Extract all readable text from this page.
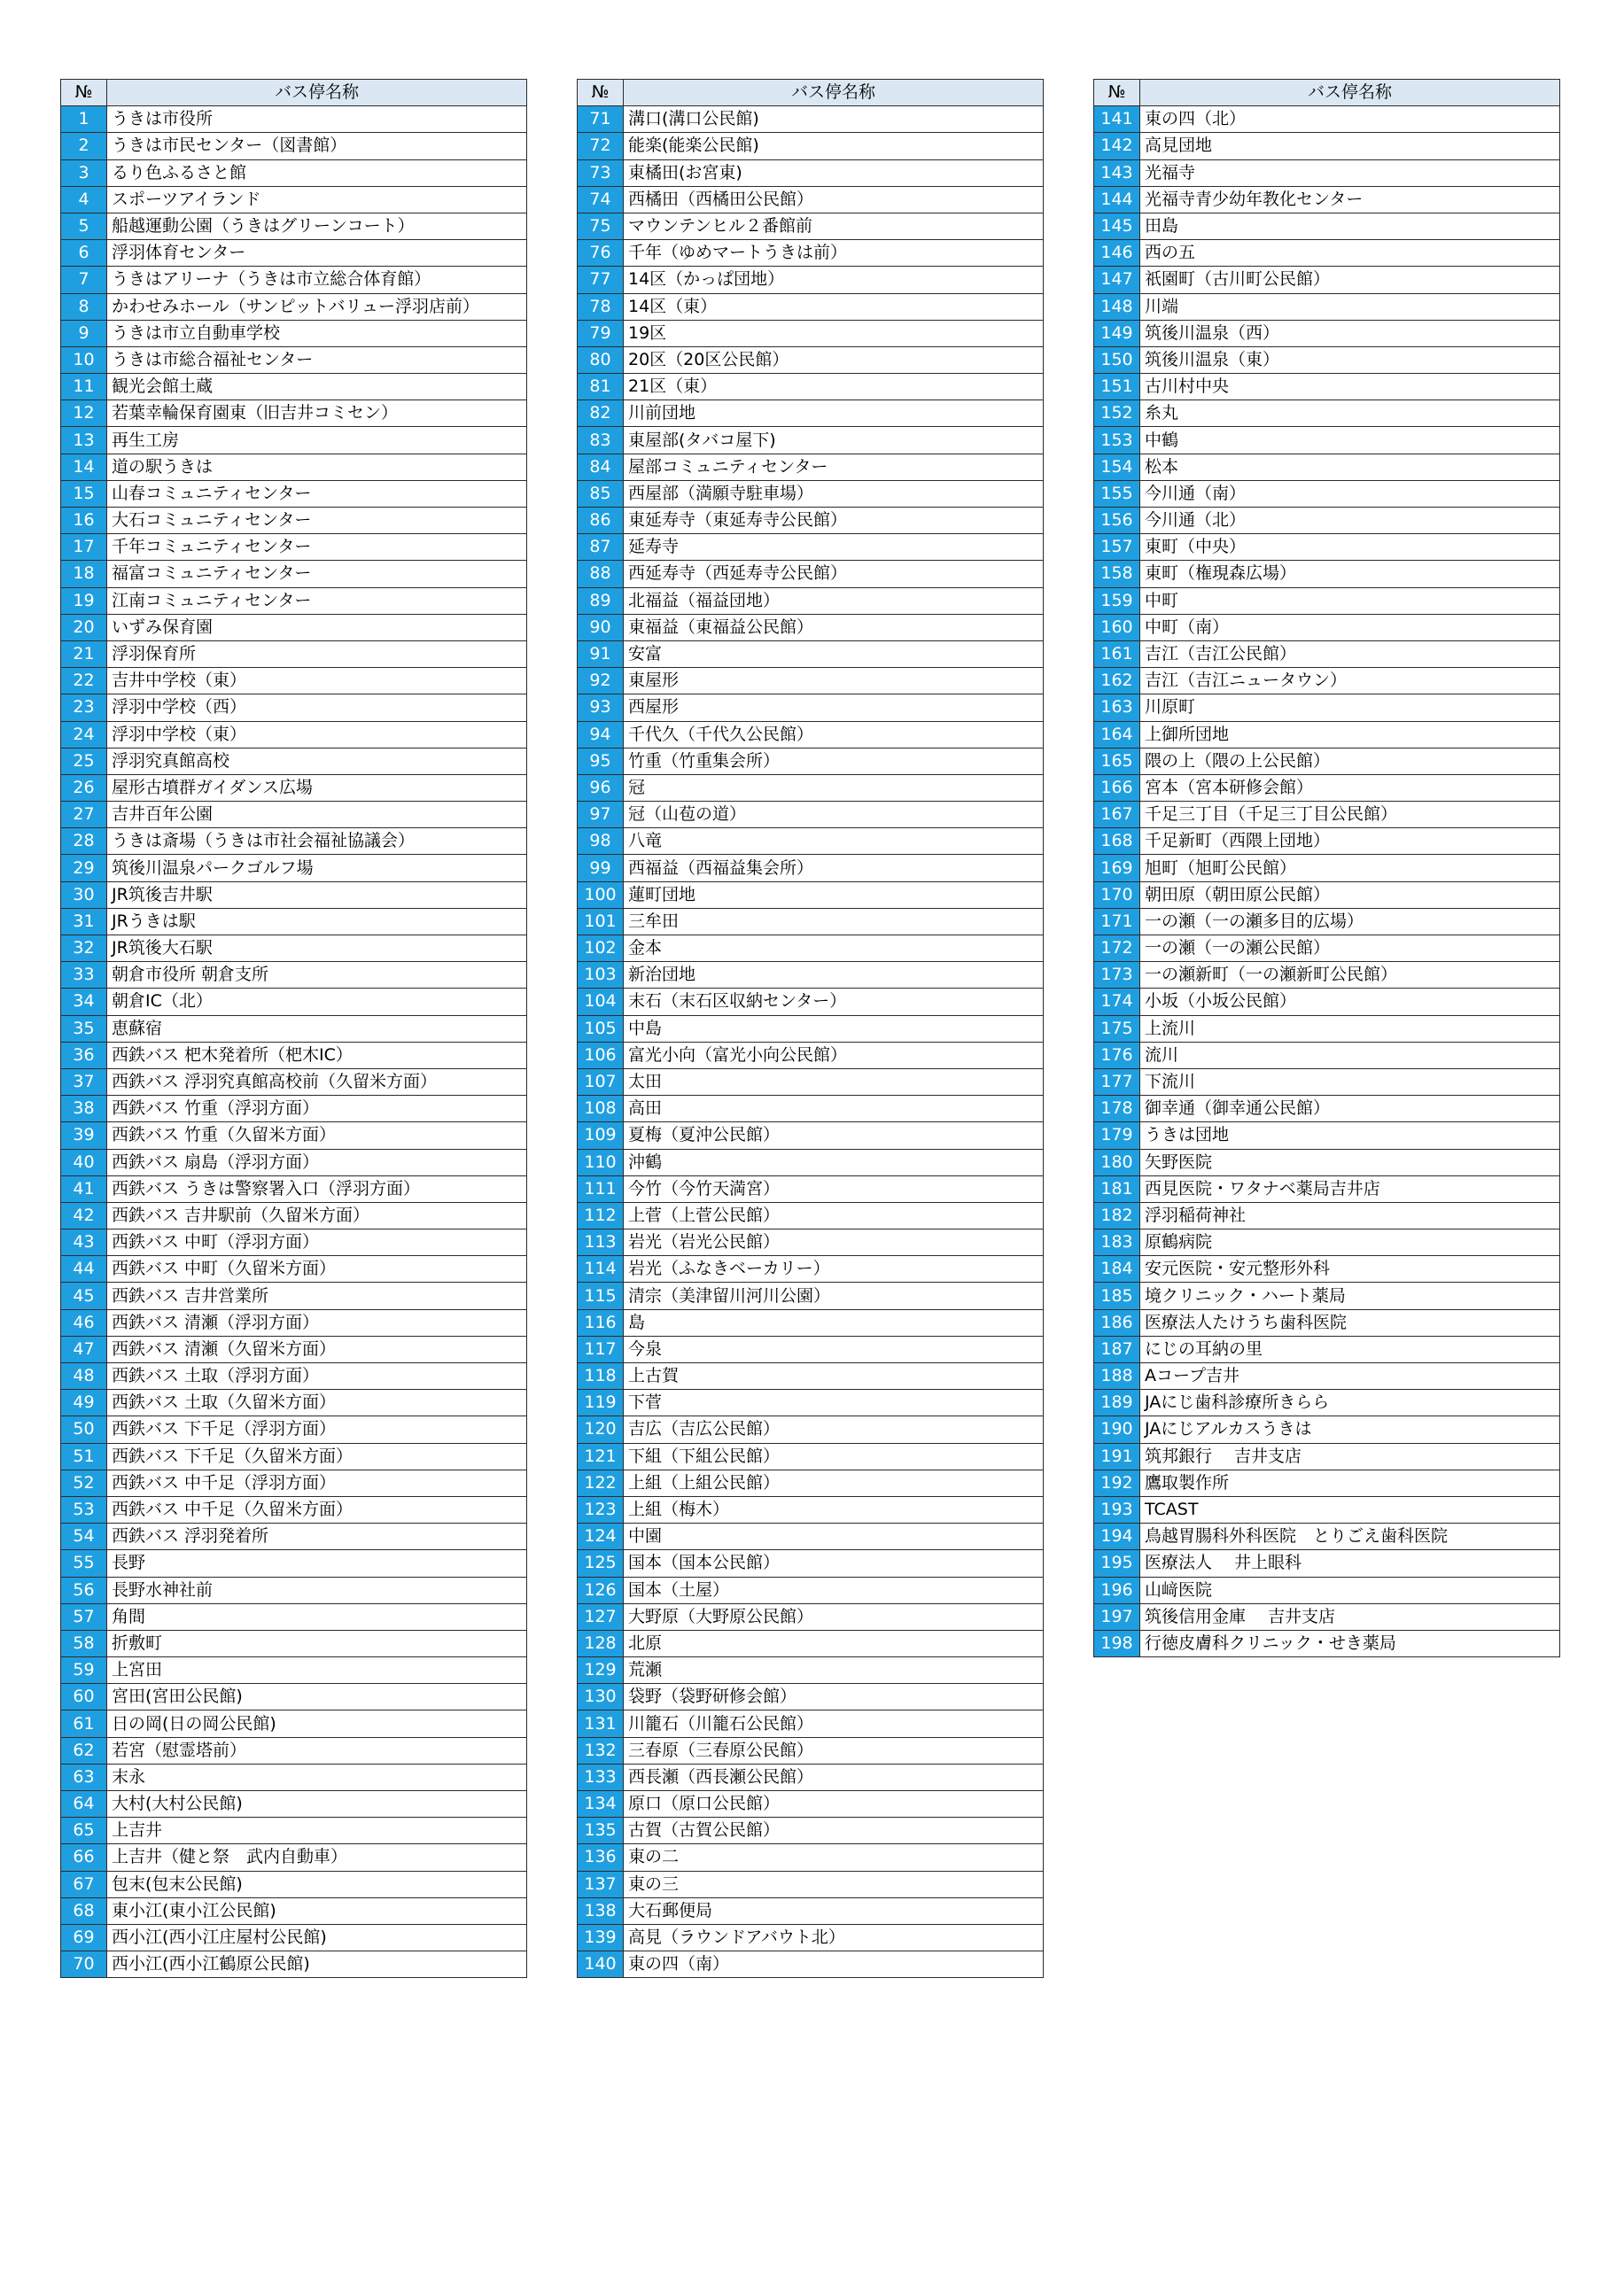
№	バス停名称
1	うきは市役所
2	うきは市民センター（図書館）
3	るり色ふるさと館
4	スポーツアイランド
5	船越運動公園（うきはグリーンコート）
6	浮羽体育センター
7	うきはアリーナ（うきは市立総合体育館）
8	かわせみホール（サンピットバリュー浮羽店前）
9	うきは市立自動車学校
10	うきは市総合福祉センター
11	観光会館土蔵
12	若葉幸輪保育園東（旧吉井コミセン）
13	再生工房
14	道の駅うきは
15	山春コミュニティセンター
16	大石コミュニティセンター
17	千年コミュニティセンター
18	福富コミュニティセンター
19	江南コミュニティセンター
20	いずみ保育園
21	浮羽保育所
22	吉井中学校（東）
23	浮羽中学校（西）
24	浮羽中学校（東）
25	浮羽究真館高校
26	屋形古墳群ガイダンス広場
27	吉井百年公園
28	うきは斎場（うきは市社会福祉協議会）
29	筑後川温泉パークゴルフ場
30	JR筑後吉井駅
31	JRうきは駅
32	JR筑後大石駅
33	朝倉市役所 朝倉支所
34	朝倉IC（北）
35	恵蘇宿
36	西鉄バス 杷木発着所（杷木IC）
37	西鉄バス 浮羽究真館高校前（久留米方面）
38	西鉄バス 竹重（浮羽方面）
39	西鉄バス 竹重（久留米方面）
40	西鉄バス 扇島（浮羽方面）
41	西鉄バス うきは警察署入口（浮羽方面）
42	西鉄バス 吉井駅前（久留米方面）
43	西鉄バス 中町（浮羽方面）
44	西鉄バス 中町（久留米方面）
45	西鉄バス 吉井営業所
46	西鉄バス 清瀬（浮羽方面）
47	西鉄バス 清瀬（久留米方面）
48	西鉄バス 土取（浮羽方面）
49	西鉄バス 土取（久留米方面）
50	西鉄バス 下千足（浮羽方面）
51	西鉄バス 下千足（久留米方面）
52	西鉄バス 中千足（浮羽方面）
53	西鉄バス 中千足（久留米方面）
54	西鉄バス 浮羽発着所
55	長野
56	長野水神社前
57	角間
58	折敷町
59	上宮田
60	宮田(宮田公民館)
61	日の岡(日の岡公民館)
62	若宮（慰霊塔前）
63	末永
64	大村(大村公民館)
65	上吉井
66	上吉井（健と祭　武内自動車）
67	包末(包末公民館)
68	東小江(東小江公民館)
69	西小江(西小江庄屋村公民館)
70	西小江(西小江鶴原公民館)
№	バス停名称
71	溝口(溝口公民館)
72	能楽(能楽公民館)
73	東橘田(お宮東)
74	西橘田（西橘田公民館）
75	マウンテンヒル２番館前
76	千年（ゆめマートうきは前）
77	14区（かっぱ団地）
78	14区（東）
79	19区
80	20区（20区公民館）
81	21区（東）
82	川前団地
83	東屋部(タバコ屋下)
84	屋部コミュニティセンター
85	西屋部（満願寺駐車場）
86	東延寿寺（東延寿寺公民館）
87	延寿寺
88	西延寿寺（西延寿寺公民館）
89	北福益（福益団地）
90	東福益（東福益公民館）
91	安富
92	東屋形
93	西屋形
94	千代久（千代久公民館）
95	竹重（竹重集会所）
96	冠
97	冠（山苞の道）
98	八竜
99	西福益（西福益集会所）
100	蓮町団地
101	三牟田
102	金本
103	新治団地
104	末石（末石区収納センター）
105	中島
106	富光小向（富光小向公民館）
107	太田
108	高田
109	夏梅（夏沖公民館）
110	沖鶴
111	今竹（今竹天満宮）
112	上菅（上菅公民館）
113	岩光（岩光公民館）
114	岩光（ふなきベーカリー）
115	清宗（美津留川河川公園）
116	島
117	今泉
118	上古賀
119	下菅
120	吉広（吉広公民館）
121	下組（下組公民館）
122	上組（上組公民館）
123	上組（梅木）
124	中園
125	国本（国本公民館）
126	国本（土屋）
127	大野原（大野原公民館）
128	北原
129	荒瀬
130	袋野（袋野研修会館）
131	川籠石（川籠石公民館）
132	三春原（三春原公民館）
133	西長瀬（西長瀬公民館）
134	原口（原口公民館）
135	古賀（古賀公民館）
136	東の二
137	東の三
138	大石郵便局
139	高見（ラウンドアバウト北）
140	東の四（南）
№	バス停名称
141	東の四（北）
142	高見団地
143	光福寺
144	光福寺青少幼年教化センター
145	田島
146	西の五
147	祇園町（古川町公民館）
148	川端
149	筑後川温泉（西）
150	筑後川温泉（東）
151	古川村中央
152	糸丸
153	中鶴
154	松本
155	今川通（南）
156	今川通（北）
157	東町（中央）
158	東町（権現森広場）
159	中町
160	中町（南）
161	吉江（吉江公民館）
162	吉江（吉江ニュータウン）
163	川原町
164	上御所団地
165	隈の上（隈の上公民館）
166	宮本（宮本研修会館）
167	千足三丁目（千足三丁目公民館）
168	千足新町（西隈上団地）
169	旭町（旭町公民館）
170	朝田原（朝田原公民館）
171	一の瀬（一の瀬多目的広場）
172	一の瀬（一の瀬公民館）
173	一の瀬新町（一の瀬新町公民館）
174	小坂（小坂公民館）
175	上流川
176	流川
177	下流川
178	御幸通（御幸通公民館）
179	うきは団地
180	矢野医院
181	西見医院・ワタナベ薬局吉井店
182	浮羽稲荷神社
183	原鶴病院
184	安元医院・安元整形外科
185	境クリニック・ハート薬局
186	医療法人たけうち歯科医院
187	にじの耳納の里
188	Aコープ吉井
189	JAにじ歯科診療所きらら
190	JAにじアルカスうきは
191	筑邦銀行　 吉井支店
192	鷹取製作所
193	TCAST
194	鳥越胃腸科外科医院　とりごえ歯科医院
195	医療法人　 井上眼科
196	山﨑医院
197	筑後信用金庫　 吉井支店
198	行徳皮膚科クリニック・せき薬局
